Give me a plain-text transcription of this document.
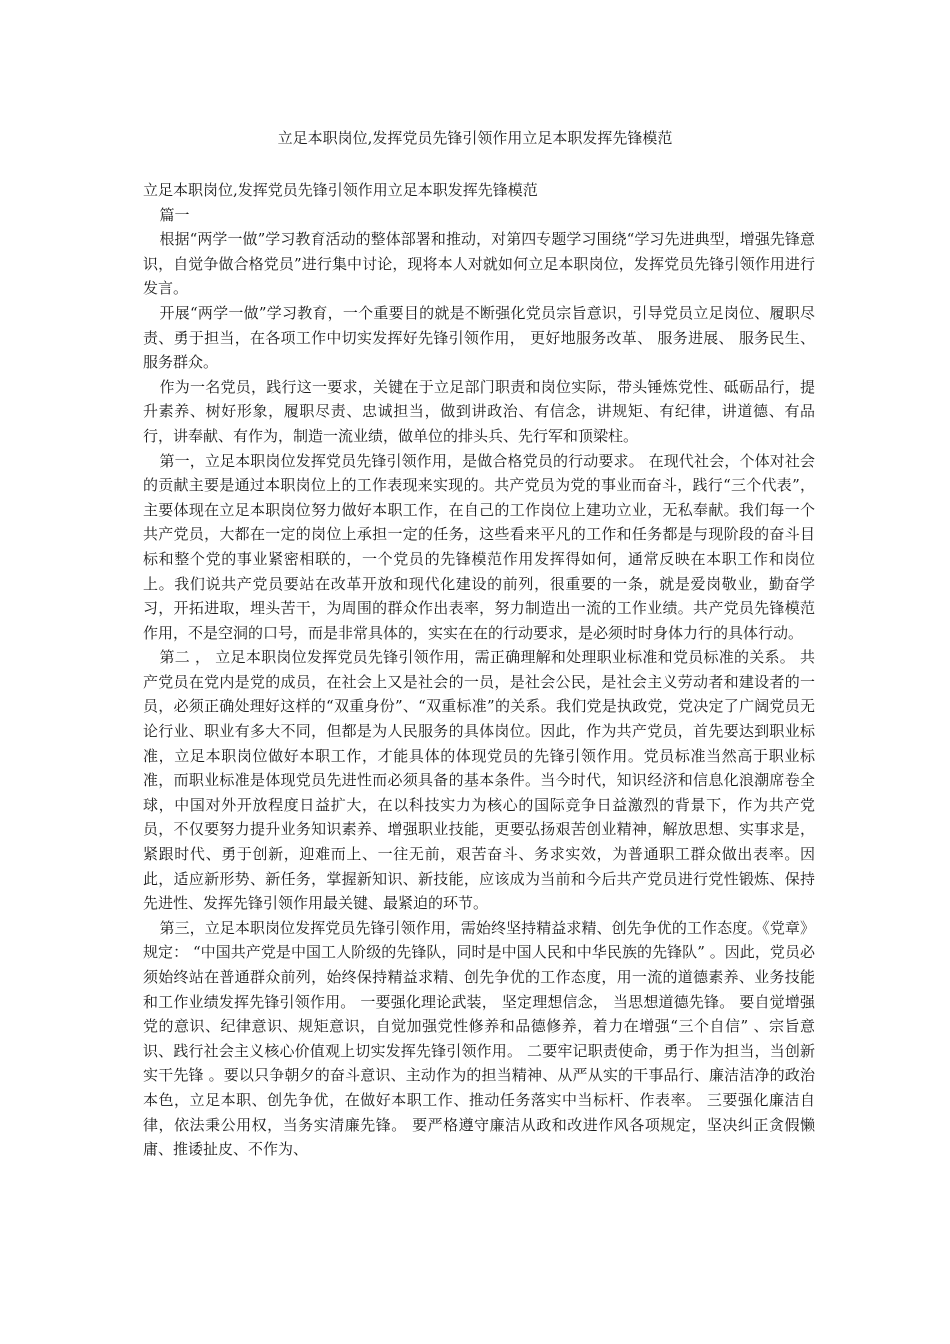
立足本职岗位,发挥党员先锋引领作用立足本职发挥先锋模范

立足本职岗位,发挥党员先锋引领作用立足本职发挥先锋模范

篇一

根据“两学一做”学习教育活动的整体部署和推动，对第四专题学习围绕“学习先进典型，增强先锋意识，自觉争做合格党员”进行集中讨论，现将本人对就如何立足本职岗位，发挥党员先锋引领作用进行发言。

开展“两学一做”学习教育，一个重要目的就是不断强化党员宗旨意识，引导党员立足岗位、履职尽责、勇于担当，在各项工作中切实发挥好先锋引领作用， 更好地服务改革、 服务进展、 服务民生、 服务群众。

作为一名党员，践行这一要求，关键在于立足部门职责和岗位实际，带头锤炼党性、砥砺品行，提升素养、树好形象，履职尽责、忠诚担当，做到讲政治、有信念，讲规矩、有纪律，讲道德、有品行，讲奉献、有作为，制造一流业绩，做单位的排头兵、先行军和顶梁柱。

第一，立足本职岗位发挥党员先锋引领作用，是做合格党员的行动要求。 在现代社会，个体对社会的贡献主要是通过本职岗位上的工作表现来实现的。共产党员为党的事业而奋斗，践行“三个代表”，主要体现在立足本职岗位努力做好本职工作，在自己的工作岗位上建功立业，无私奉献。我们每一个共产党员，大都在一定的岗位上承担一定的任务，这些看来平凡的工作和任务都是与现阶段的奋斗目标和整个党的事业紧密相联的，一个党员的先锋模范作用发挥得如何，通常反映在本职工作和岗位上。我们说共产党员要站在改革开放和现代化建设的前列，很重要的一条，就是爱岗敬业，勤奋学习，开拓进取，埋头苦干，为周围的群众作出表率，努力制造出一流的工作业绩。共产党员先锋模范作用，不是空洞的口号，而是非常具体的，实实在在的行动要求，是必须时时身体力行的具体行动。

第二 ， 立足本职岗位发挥党员先锋引领作用，需正确理解和处理职业标准和党员标准的关系。 共产党员在党内是党的成员，在社会上又是社会的一员，是社会公民，是社会主义劳动者和建设者的一员，必须正确处理好这样的“双重身份”、“双重标准”的关系。我们党是执政党，党决定了广阔党员无论行业、职业有多大不同，但都是为人民服务的具体岗位。因此，作为共产党员，首先要达到职业标准，立足本职岗位做好本职工作，才能具体的体现党员的先锋引领作用。党员标准当然高于职业标准，而职业标准是体现党员先进性而必须具备的基本条件。当今时代，知识经济和信息化浪潮席卷全球，中国对外开放程度日益扩大，在以科技实力为核心的国际竞争日益激烈的背景下，作为共产党员，不仅要努力提升业务知识素养、增强职业技能，更要弘扬艰苦创业精神，解放思想、实事求是，紧跟时代、勇于创新，迎难而上、一往无前，艰苦奋斗、务求实效，为普通职工群众做出表率。因此，适应新形势、新任务，掌握新知识、新技能，应该成为当前和今后共产党员进行党性锻炼、保持先进性、发挥先锋引领作用最关键、最紧迫的环节。

第三，立足本职岗位发挥党员先锋引领作用，需始终坚持精益求精、创先争优的工作态度。《党章》规定： “中国共产党是中国工人阶级的先锋队，同时是中国人民和中华民族的先锋队” 。因此，党员必须始终站在普通群众前列，始终保持精益求精、创先争优的工作态度，用一流的道德素养、业务技能和工作业绩发挥先锋引领作用。 一要强化理论武装， 坚定理想信念， 当思想道德先锋。 要自觉增强党的意识、纪律意识、规矩意识，自觉加强党性修养和品德修养，着力在增强“三个自信” 、宗旨意识、践行社会主义核心价值观上切实发挥先锋引领作用。 二要牢记职责使命，勇于作为担当，当创新实干先锋 。要以只争朝夕的奋斗意识、主动作为的担当精神、从严从实的干事品行、廉洁洁净的政治本色，立足本职、创先争优，在做好本职工作、推动任务落实中当标杆、作表率。 三要强化廉洁自律，依法秉公用权，当务实清廉先锋。 要严格遵守廉洁从政和改进作风各项规定，坚决纠正贪假懒庸、推诿扯皮、不作为、
